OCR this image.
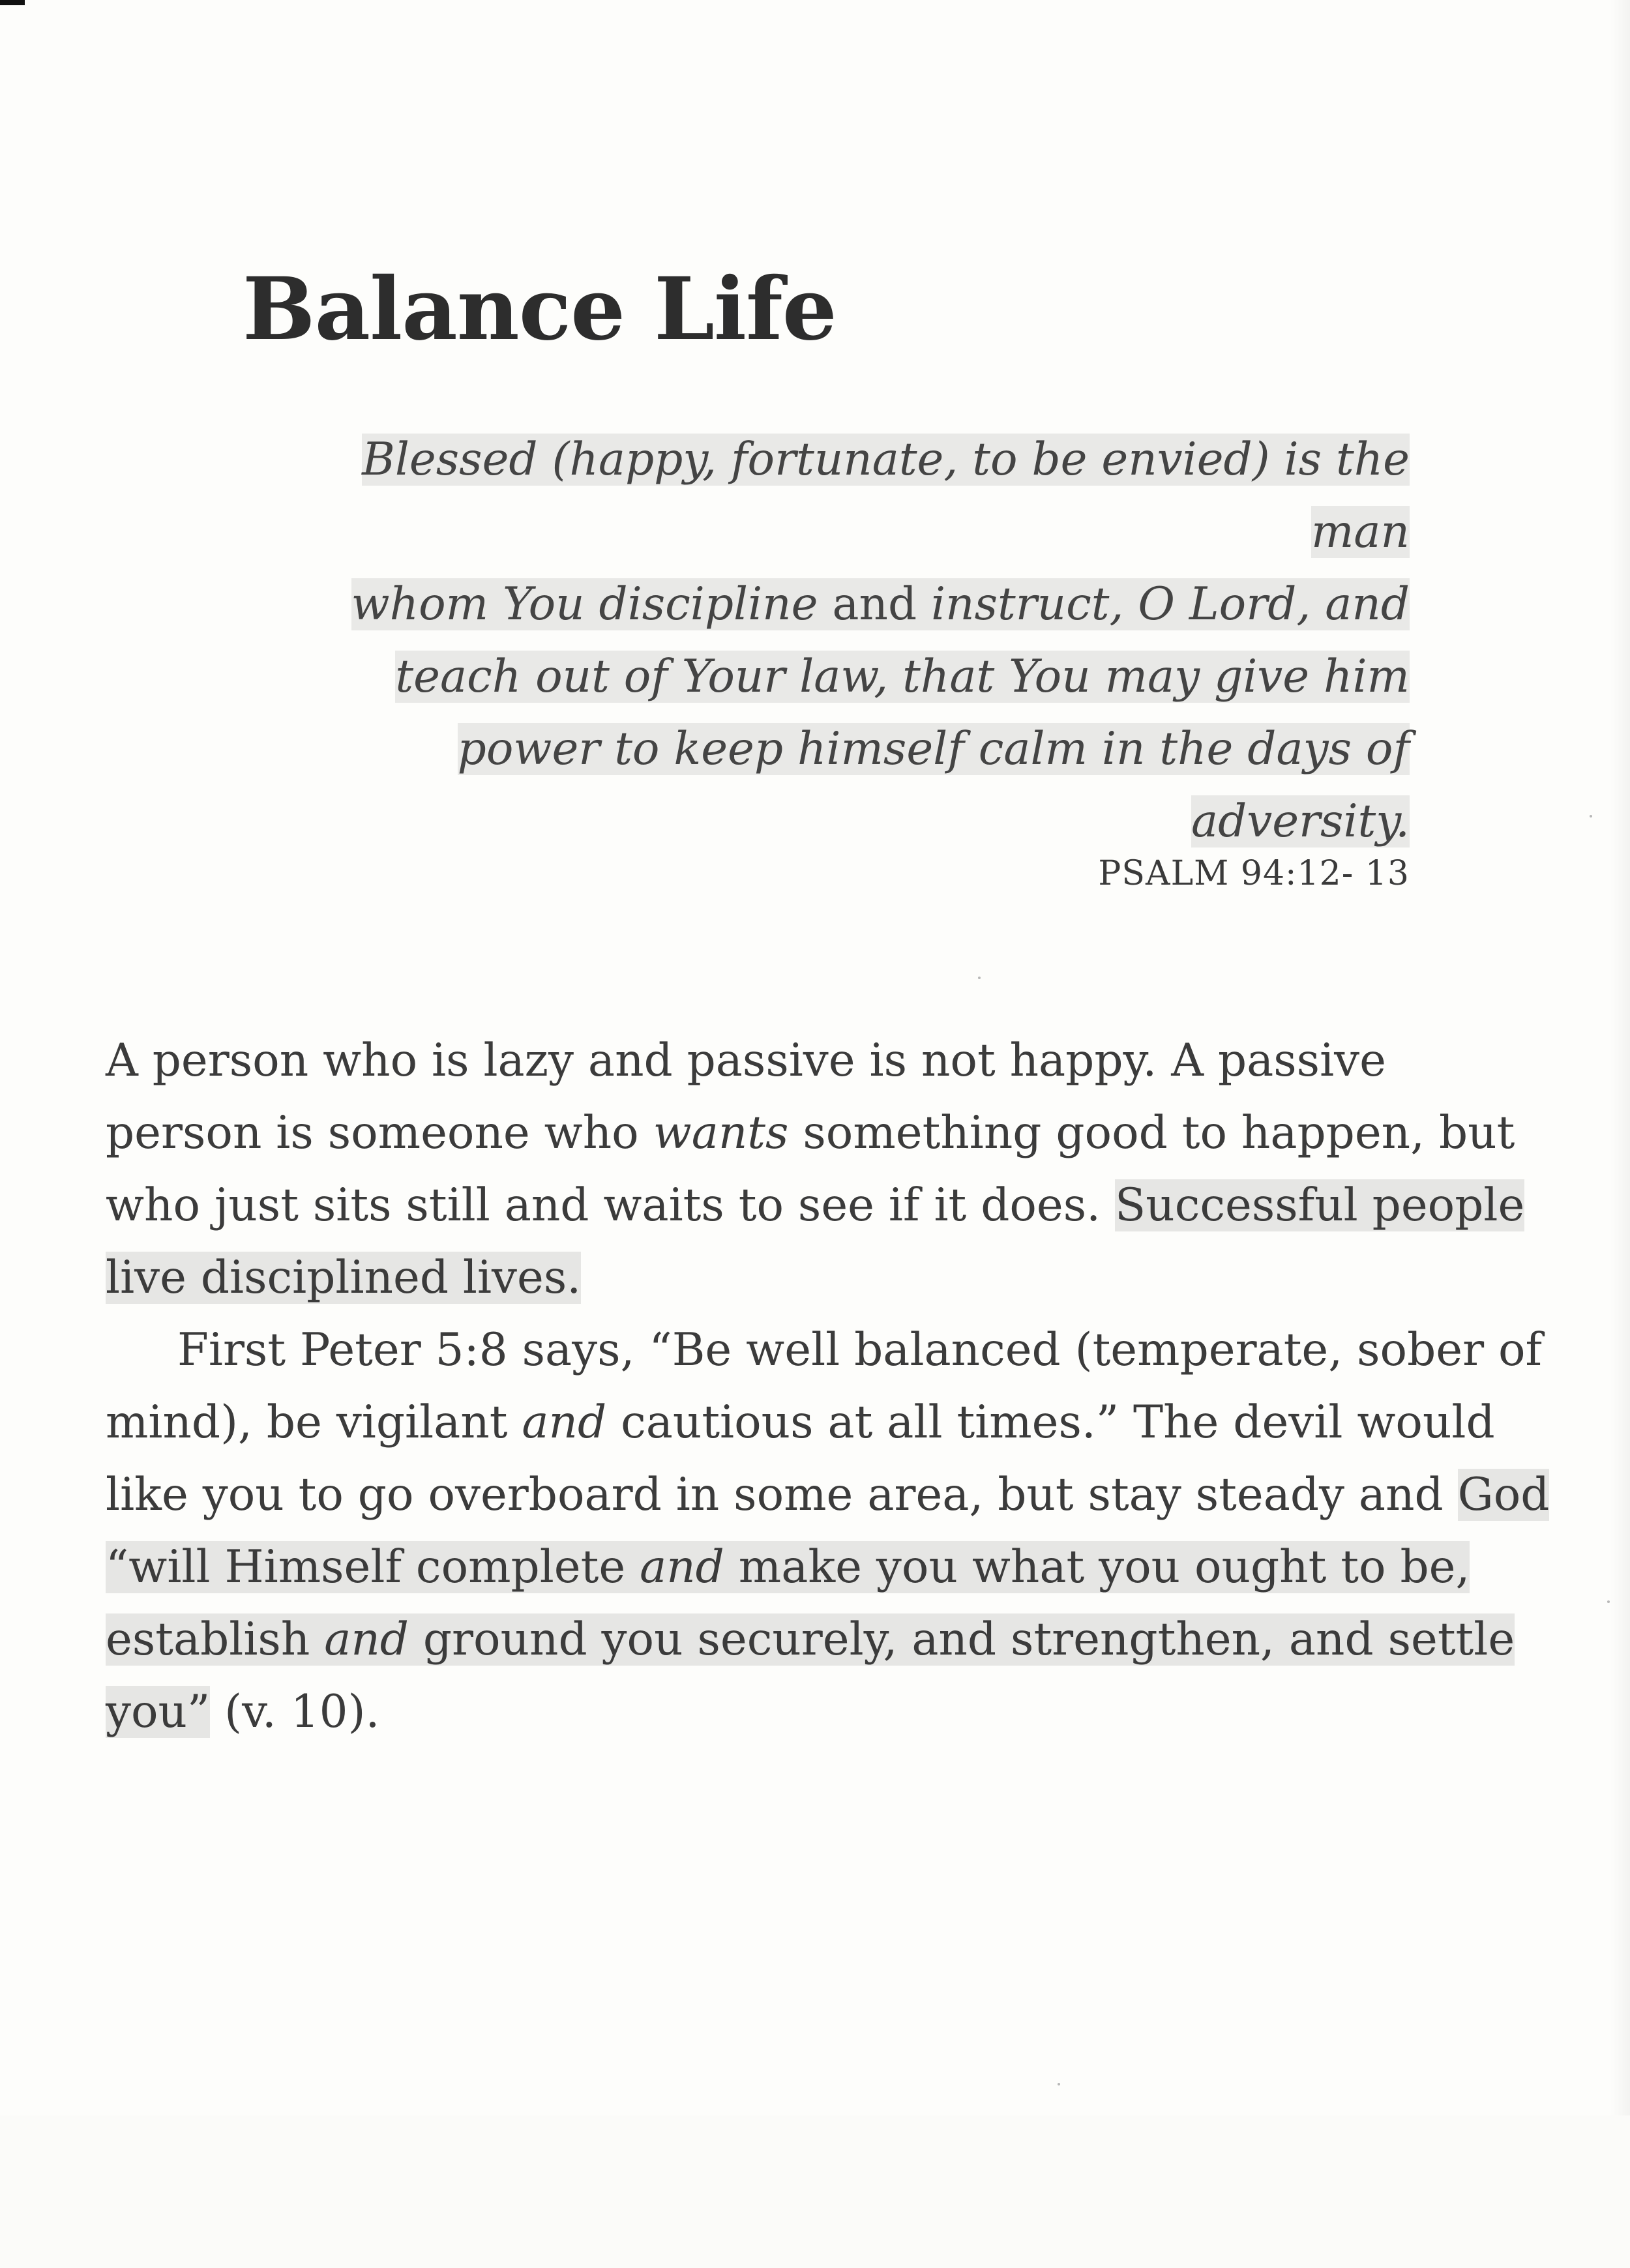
Balance Life

Blessed (happy, fortunate, to be envied) is the man
whom You discipline and instruct, O Lord, and
teach out of Your law, that You may give him
power to keep himself calm in the days of
adversity.

PSALM 94:12- 13
A person who is lazy and passive is not happy. A passive
person is someone who wants something good to happen, but
who just sits still and waits to see if it does. Successful people
live disciplined lives.
First Peter 5:8 says, “Be well balanced (temperate, sober of
mind), be vigilant and cautious at all times.” The devil would
like you to go overboard in some area, but stay steady and God
“will Himself complete and make you what you ought to be,
establish and ground you securely, and strengthen, and settle
you” (v. 10).
